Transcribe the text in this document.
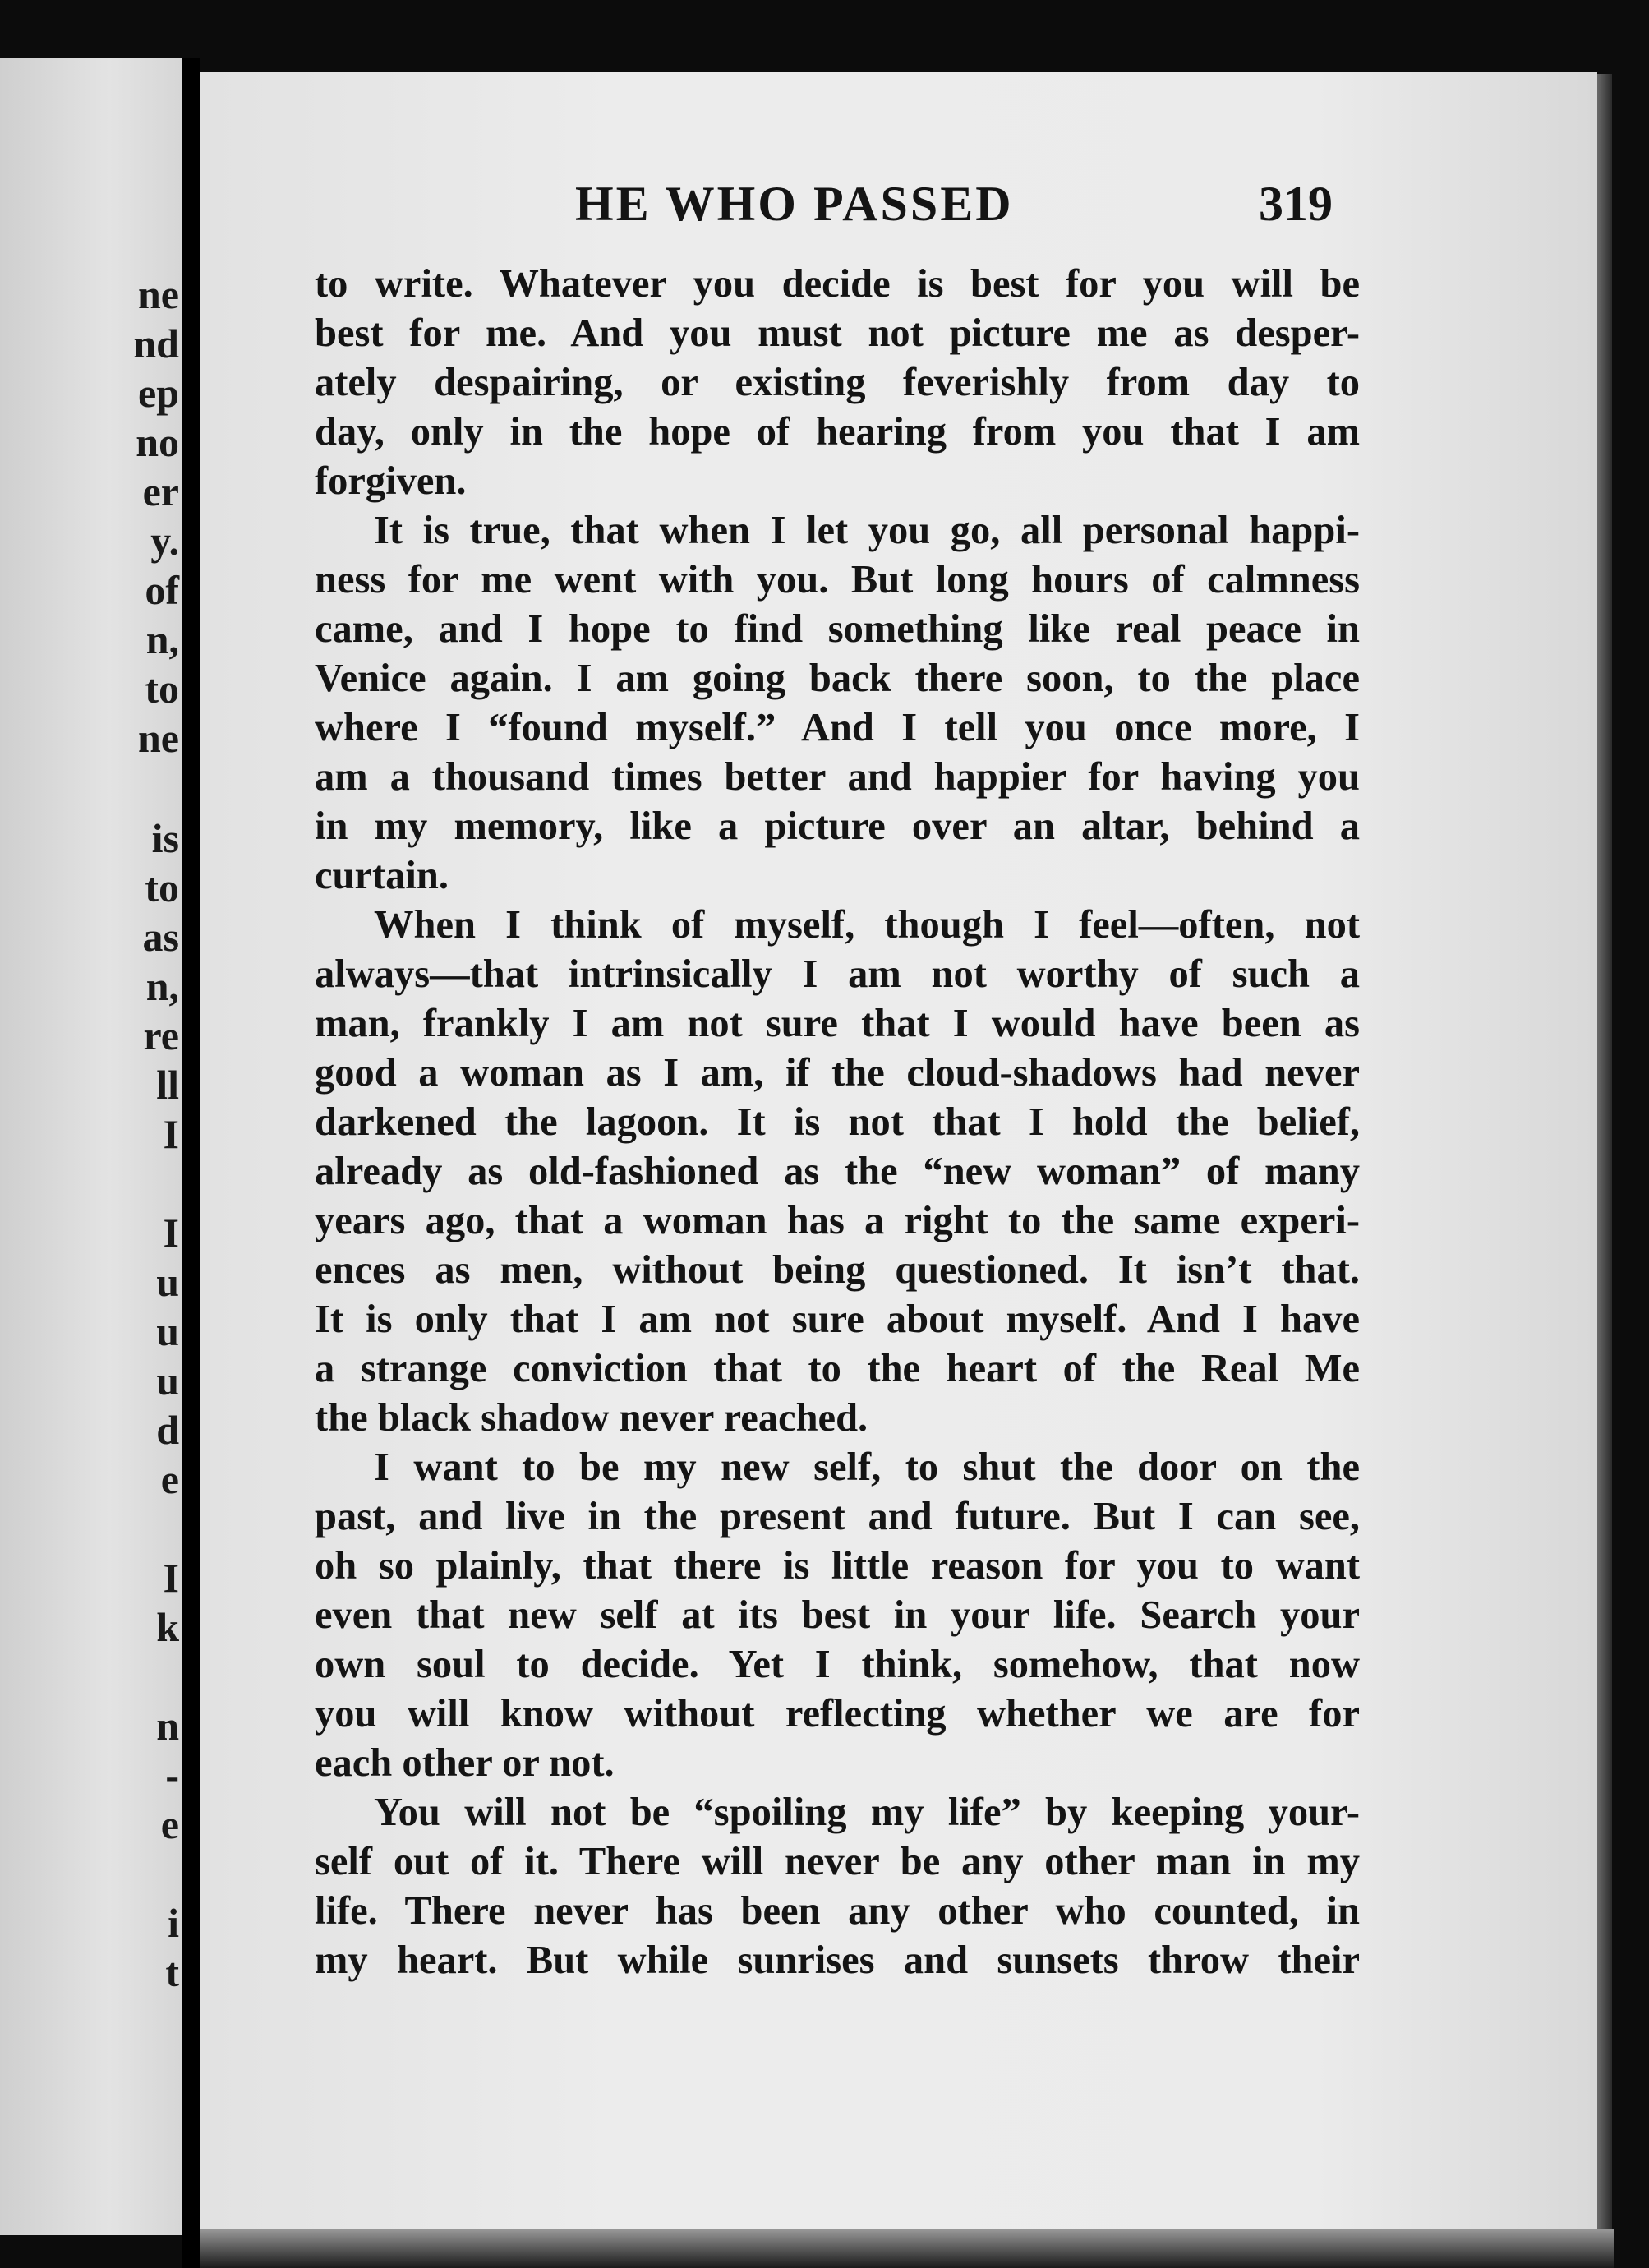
ne
nd
ep
no
er
y.
of
n,
to
ne
is
to
as
n,
re
ll
I
I
u
u
u
d
e
I
k
n
-
e
i
t
HE WHO PASSED	319
to write. Whatever you decide is best for you will be
best for me. And you must not picture me as desper-
ately despairing, or existing feverishly from day to
day, only in the hope of hearing from you that I am
forgiven.
It is true, that when I let you go, all personal happi-
ness for me went with you. But long hours of calmness
came, and I hope to find something like real peace in
Venice again. I am going back there soon, to the place
where I “found myself.” And I tell you once more, I
am a thousand times better and happier for having you
in my memory, like a picture over an altar, behind a
curtain.
When I think of myself, though I feel—often, not
always—that intrinsically I am not worthy of such a
man, frankly I am not sure that I would have been as
good a woman as I am, if the cloud-shadows had never
darkened the lagoon. It is not that I hold the belief,
already as old-fashioned as the “new woman” of many
years ago, that a woman has a right to the same experi-
ences as men, without being questioned. It isn’t that.
It is only that I am not sure about myself. And I have
a strange conviction that to the heart of the Real Me
the black shadow never reached.
I want to be my new self, to shut the door on the
past, and live in the present and future. But I can see,
oh so plainly, that there is little reason for you to want
even that new self at its best in your life. Search your
own soul to decide. Yet I think, somehow, that now
you will know without reflecting whether we are for
each other or not.
You will not be “spoiling my life” by keeping your-
self out of it. There will never be any other man in my
life. There never has been any other who counted, in
my heart. But while sunrises and sunsets throw their
